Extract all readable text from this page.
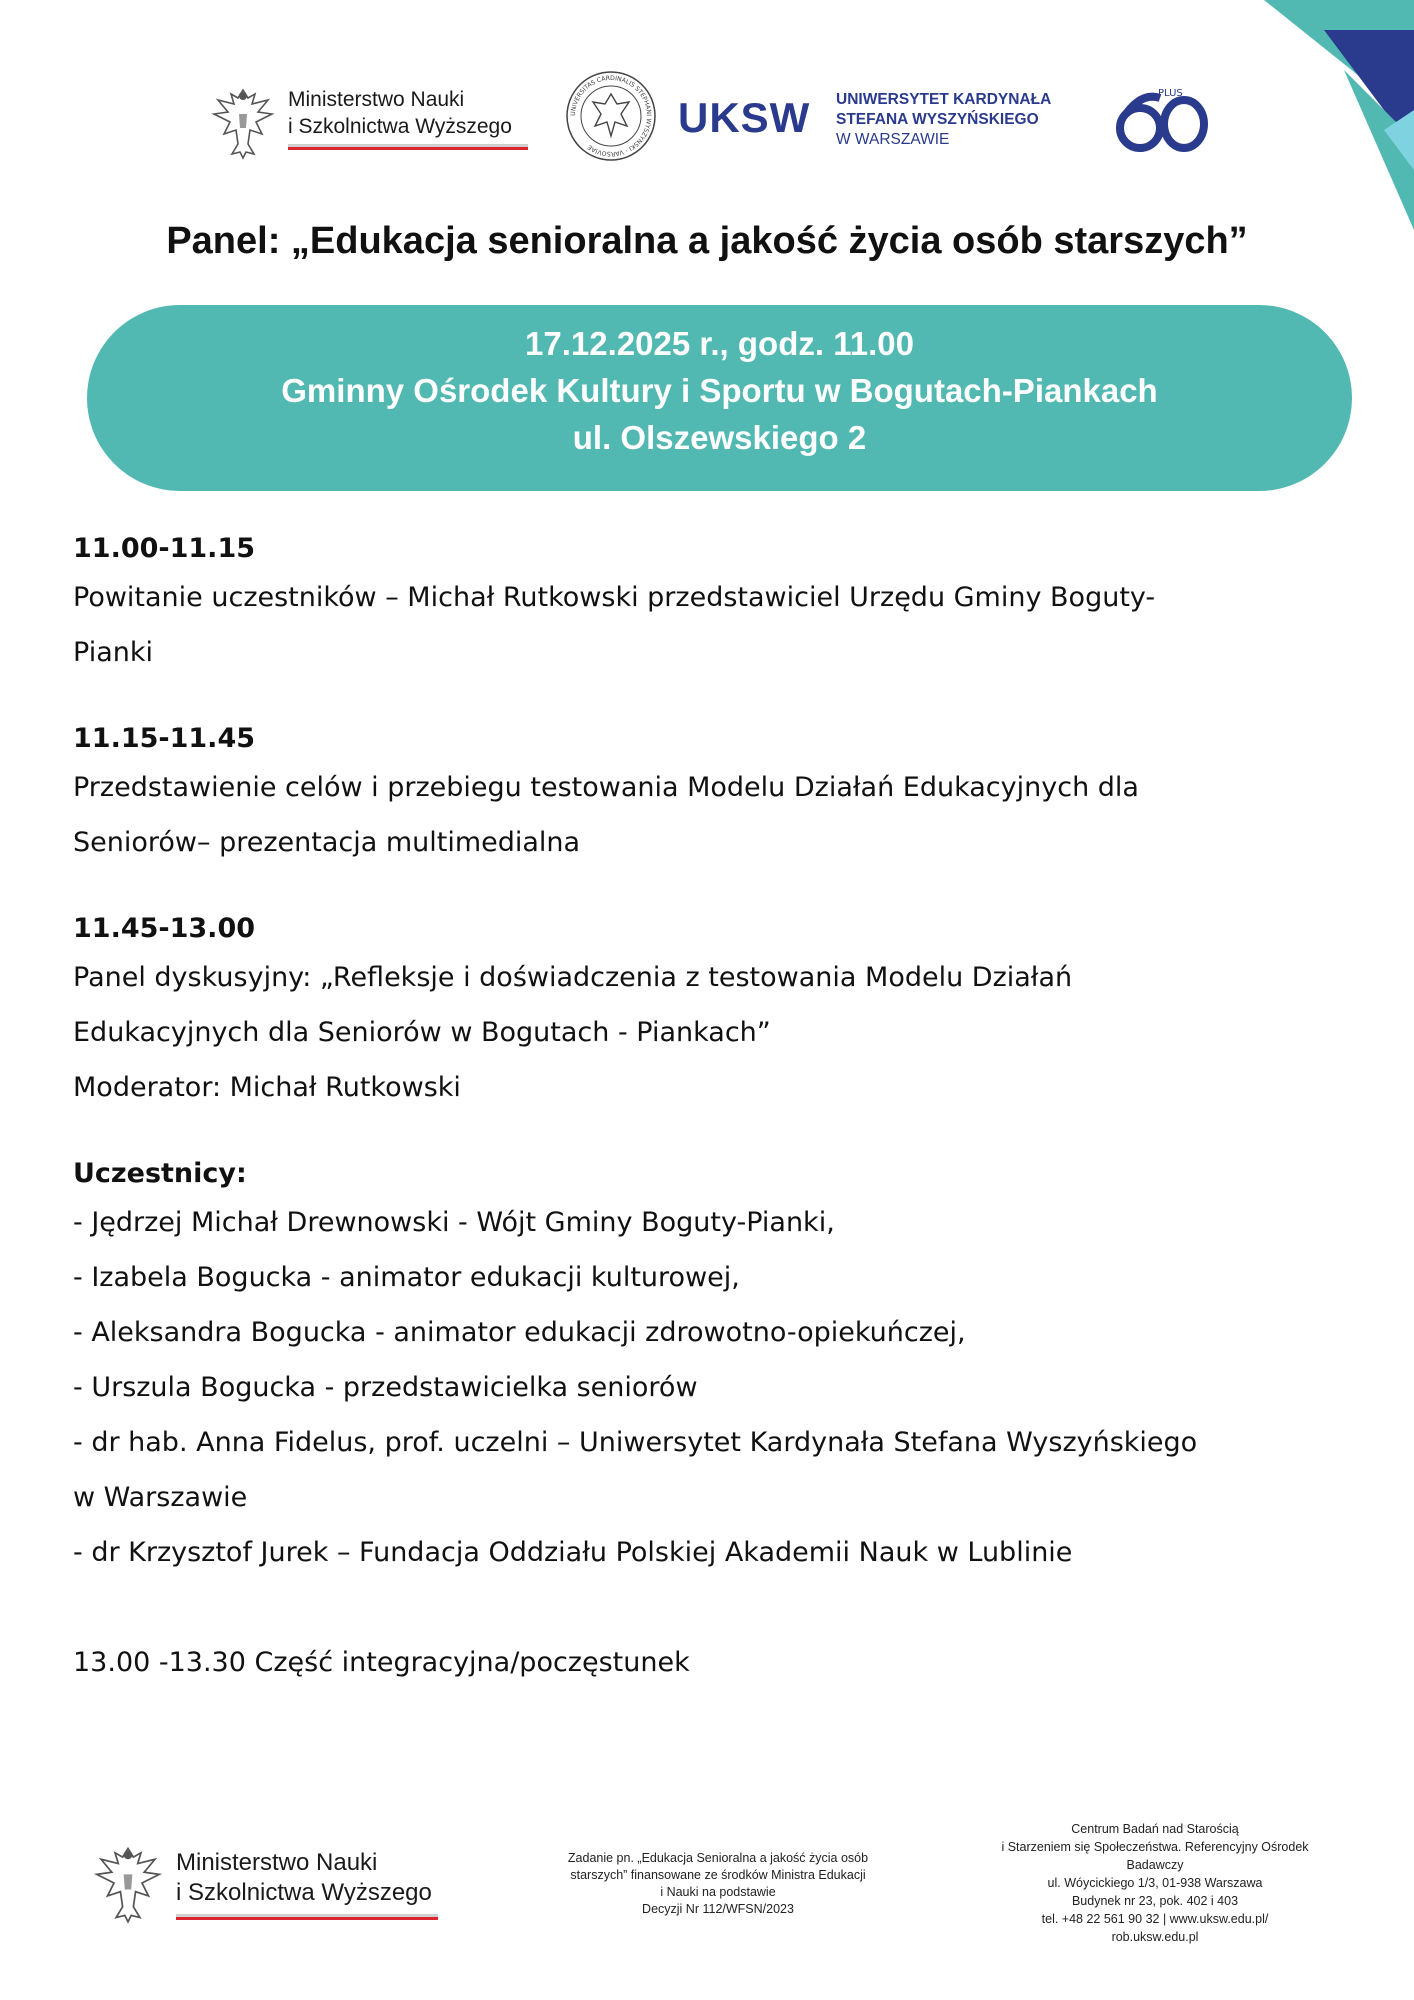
Ministerstwo Nauki
i Szkolnictwa Wyższego
UNIVERSITAS CARDINALIS STEPHANI WYSZYNSKI · VARSOVIAE
UKSW UNIWERSYTET KARDYNAŁA
STEFANA WYSZYŃSKIEGO
W WARSZAWIE
PLUS
Panel: „Edukacja senioralna a jakość życia osób starszych”
17.12.2025 r., godz. 11.00
Gminny Ośrodek Kultury i Sportu w Bogutach-Piankach
ul. Olszewskiego 2

11.00-11.15

Powitanie uczestników – Michał Rutkowski przedstawiciel Urzędu Gminy Boguty-

Pianki

11.15-11.45

Przedstawienie celów i przebiegu testowania Modelu Działań Edukacyjnych dla

Seniorów– prezentacja multimedialna

11.45-13.00

Panel dyskusyjny: „Refleksje i doświadczenia z testowania Modelu Działań

Edukacyjnych dla Seniorów w Bogutach - Piankach”

Moderator: Michał Rutkowski

Uczestnicy:

- Jędrzej Michał Drewnowski - Wójt Gminy Boguty-Pianki,
- Izabela Bogucka - animator edukacji kulturowej,
- Aleksandra Bogucka - animator edukacji zdrowotno-opiekuńczej,
- Urszula Bogucka - przedstawicielka seniorów
- dr hab. Anna Fidelus, prof. uczelni – Uniwersytet Kardynała Stefana Wyszyńskiego
w Warszawie
- dr Krzysztof Jurek – Fundacja Oddziału Polskiej Akademii Nauk w Lublinie

13.00 -13.30 Część integracyjna/poczęstunek

Ministerstwo Nauki
i Szkolnictwa Wyższego
Zadanie pn. „Edukacja Senioralna a jakość życia osób
starszych” finansowane ze środków Ministra Edukacji
i Nauki na podstawie
Decyzji Nr 112/WFSN/2023
Centrum Badań nad Starością
i Starzeniem się Społeczeństwa. Referencyjny Ośrodek
Badawczy
ul. Wóycickiego 1/3, 01-938 Warszawa
Budynek nr 23, pok. 402 i 403
tel. +48 22 561 90 32 | www.uksw.edu.pl/
rob.uksw.edu.pl
